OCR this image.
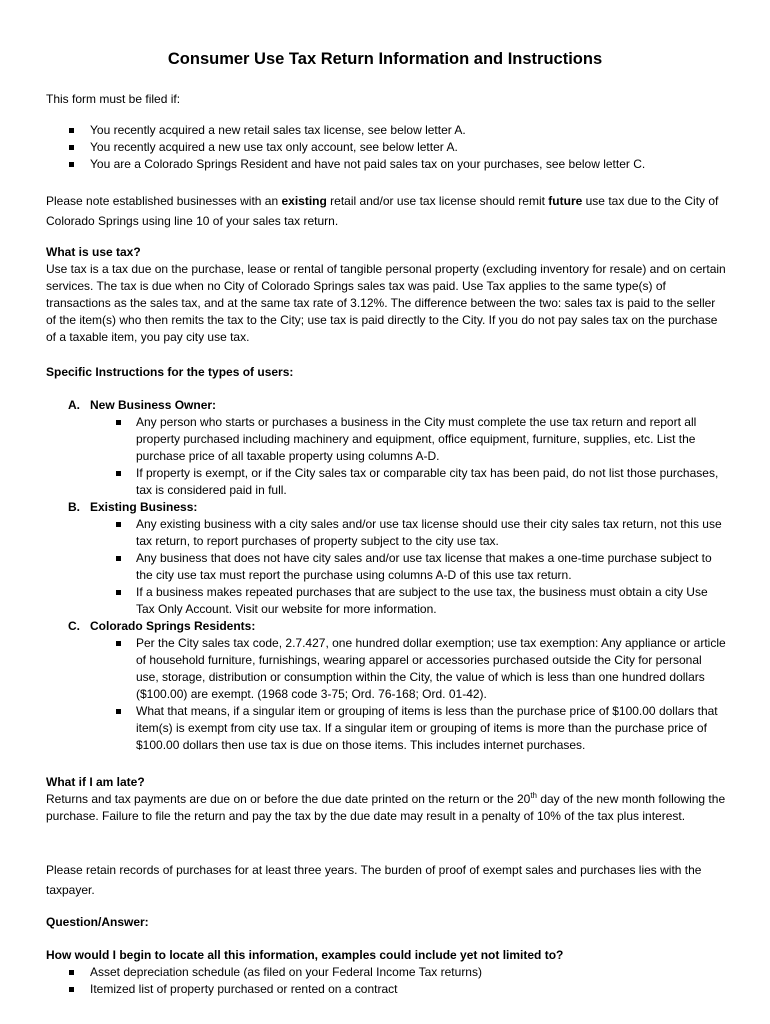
Consumer Use Tax Return Information and Instructions

This form must be filed if:

You recently acquired a new retail sales tax license, see below letter A.
You recently acquired a new use tax only account, see below letter A.
You are a Colorado Springs Resident and have not paid sales tax on your purchases, see below letter C.

Please note established businesses with an existing retail and/or use tax license should remit future use tax due to the City of Colorado Springs using line 10 of your sales tax return.

What is use tax?

Use tax is a tax due on the purchase, lease or rental of tangible personal property (excluding inventory for resale) and on certain services. The tax is due when no City of Colorado Springs sales tax was paid. Use Tax applies to the same type(s) of transactions as the sales tax, and at the same tax rate of 3.12%. The difference between the two: sales tax is paid to the seller of the item(s) who then remits the tax to the City; use tax is paid directly to the City. If you do not pay sales tax on the purchase of a taxable item, you pay city use tax.

Specific Instructions for the types of users:

A. New Business Owner:
Any person who starts or purchases a business in the City must complete the use tax return and report all property purchased including machinery and equipment, office equipment, furniture, supplies, etc. List the purchase price of all taxable property using columns A-D.
If property is exempt, or if the City sales tax or comparable city tax has been paid, do not list those purchases, tax is considered paid in full.
B. Existing Business:
Any existing business with a city sales and/or use tax license should use their city sales tax return, not this use tax return, to report purchases of property subject to the city use tax.
Any business that does not have city sales and/or use tax license that makes a one-time purchase subject to the city use tax must report the purchase using columns A-D of this use tax return.
If a business makes repeated purchases that are subject to the use tax, the business must obtain a city Use Tax Only Account. Visit our website for more information.
C. Colorado Springs Residents:
Per the City sales tax code, 2.7.427, one hundred dollar exemption; use tax exemption: Any appliance or article of household furniture, furnishings, wearing apparel or accessories purchased outside the City for personal use, storage, distribution or consumption within the City, the value of which is less than one hundred dollars ($100.00) are exempt. (1968 code 3-75; Ord. 76-168; Ord. 01-42).
What that means, if a singular item or grouping of items is less than the purchase price of $100.00 dollars that item(s) is exempt from city use tax. If a singular item or grouping of items is more than the purchase price of $100.00 dollars then use tax is due on those items. This includes internet purchases.

What if I am late?

Returns and tax payments are due on or before the due date printed on the return or the 20th day of the new month following the purchase. Failure to file the return and pay the tax by the due date may result in a penalty of 10% of the tax plus interest.

Please retain records of purchases for at least three years. The burden of proof of exempt sales and purchases lies with the taxpayer.

Question/Answer:

How would I begin to locate all this information, examples could include yet not limited to?

Asset depreciation schedule (as filed on your Federal Income Tax returns)
Itemized list of property purchased or rented on a contract
